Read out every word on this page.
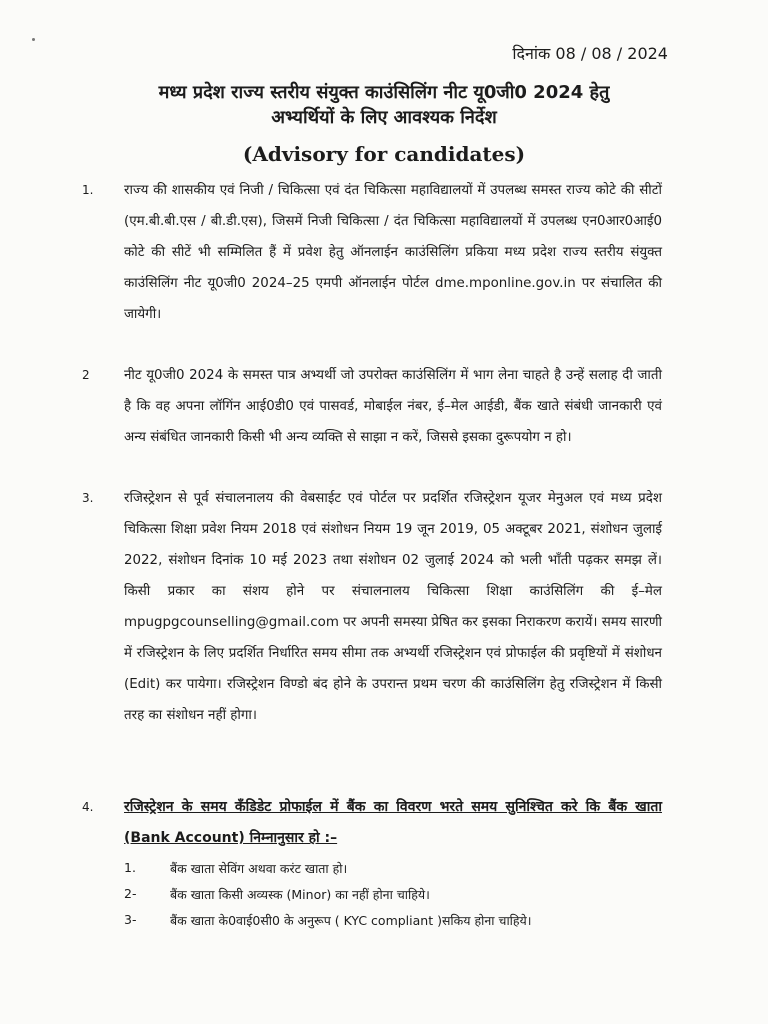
दिनांक 08 / 08 / 2024
मध्य प्रदेश राज्य स्तरीय संयुक्त काउंसिलिंग नीट यू0जी0 2024 हेतु
अभ्यर्थियों के लिए आवश्यक निर्देश
(Advisory for candidates)
1. राज्य की शासकीय एवं निजी / चिकित्सा एवं दंत चिकित्सा महाविद्यालयों में उपलब्ध समस्त राज्य कोटे की सीटों (एम.बी.बी.एस / बी.डी.एस), जिसमें निजी चिकित्सा / दंत चिकित्सा महाविद्यालयों में उपलब्ध एन0आर0आई0 कोटे की सीटें भी सम्मिलित हैं में प्रवेश हेतु ऑनलाईन काउंसिलिंग प्रकिया मध्य प्रदेश राज्य स्तरीय संयुक्त काउंसिलिंग नीट यू0जी0 2024–25 एमपी ऑनलाईन पोर्टल dme.mponline.gov.in पर संचालित की जायेगी।
2	नीट यू0जी0 2024 के समस्त पात्र अभ्यर्थी जो उपरोक्त काउंसिलिंग में भाग लेना चाहते है उन्हें सलाह दी जाती है कि वह अपना लॉगिंन आई0डी0 एवं पासवर्ड, मोबाईल नंबर, ई–मेल आईडी, बैंक खाते संबंधी जानकारी एवं अन्य संबंधित जानकारी किसी भी अन्य व्यक्ति से साझा न करें, जिससे इसका दुरूपयोग न हो।
3. रजिस्ट्रेशन से पूर्व संचालनालय की वेबसाईट एवं पोर्टल पर प्रदर्शित रजिस्ट्रेशन यूजर मेनुअल एवं मध्य प्रदेश चिकित्सा शिक्षा प्रवेश नियम 2018 एवं संशोधन नियम 19 जून 2019, 05 अक्टूबर 2021, संशोधन जुलाई 2022, संशोधन दिनांक 10 मई 2023 तथा संशोधन 02 जुलाई 2024 को भली भॉंती पढ़कर समझ लें। किसी प्रकार का संशय होने पर संचालनालय चिकित्सा शिक्षा काउंसिलिंग की ई–मेल mpugpgcounselling@gmail.com पर अपनी समस्या प्रेषित कर इसका निराकरण करायें। समय सारणी में रजिस्ट्रेशन के लिए प्रदर्शित निर्धारित समय सीमा तक अभ्यर्थी रजिस्ट्रेशन एवं प्रोफाईल की प्रवृष्टियों में संशोधन (Edit) कर पायेगा। रजिस्ट्रेशन विण्डो बंद होने के उपरान्त प्रथम चरण की काउंसिलिंग हेतु रजिस्ट्रेशन में किसी तरह का संशोधन नहीं होगा।
4. रजिस्ट्रेशन के समय कॅंडिडेट प्रोफाईल में बैंक का विवरण भरते समय सुनिश्चित करे कि बैंक खाता (Bank Account) निम्नानुसार हो :–
1.	बैंक खाता सेविंग अथवा करंट खाता हो।
2-	बैंक खाता किसी अव्यस्क (Minor) का नहीं होना चाहिये।
3-	बैंक खाता के0वाई0सी0 के अनुरूप ( KYC compliant )सकिय होना चाहिये।
